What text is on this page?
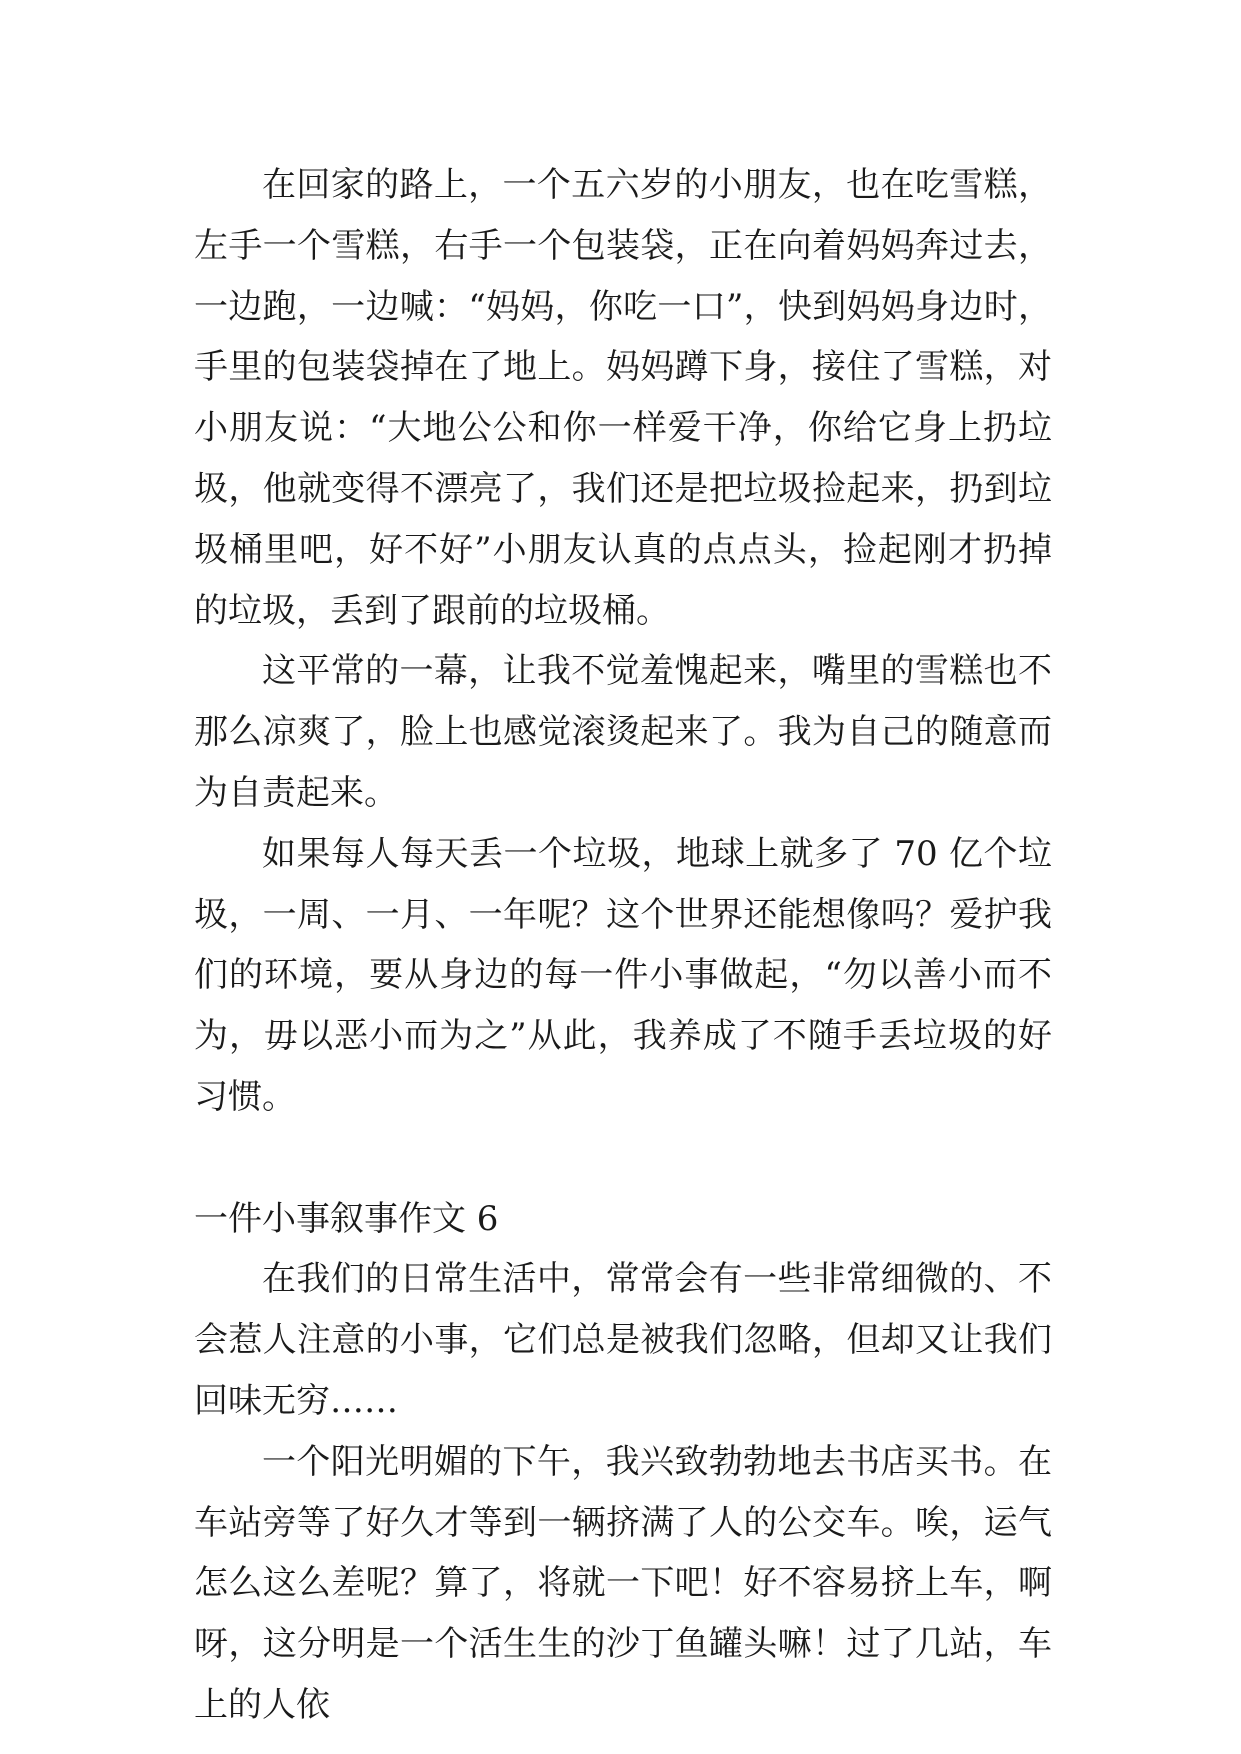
在回家的路上，一个五六岁的小朋友，也在吃雪糕，左手一个雪糕，右手一个包装袋，正在向着妈妈奔过去，一边跑，一边喊：“妈妈，你吃一口”，快到妈妈身边时，手里的包装袋掉在了地上。妈妈蹲下身，接住了雪糕，对小朋友说：“大地公公和你一样爱干净，你给它身上扔垃圾，他就变得不漂亮了，我们还是把垃圾捡起来，扔到垃圾桶里吧，好不好”小朋友认真的点点头，捡起刚才扔掉的垃圾，丢到了跟前的垃圾桶。

这平常的一幕，让我不觉羞愧起来，嘴里的雪糕也不那么凉爽了，脸上也感觉滚烫起来了。我为自己的随意而为自责起来。

如果每人每天丢一个垃圾，地球上就多了 70 亿个垃圾，一周、一月、一年呢？这个世界还能想像吗？爱护我们的环境，要从身边的每一件小事做起，“勿以善小而不为，毋以恶小而为之”从此，我养成了不随手丢垃圾的好习惯。

一件小事叙事作文 6

在我们的日常生活中，常常会有一些非常细微的、不会惹人注意的小事，它们总是被我们忽略，但却又让我们回味无穷……

一个阳光明媚的下午，我兴致勃勃地去书店买书。在车站旁等了好久才等到一辆挤满了人的公交车。唉，运气怎么这么差呢？算了，将就一下吧！好不容易挤上车，啊呀，这分明是一个活生生的沙丁鱼罐头嘛！过了几站，车上的人依
